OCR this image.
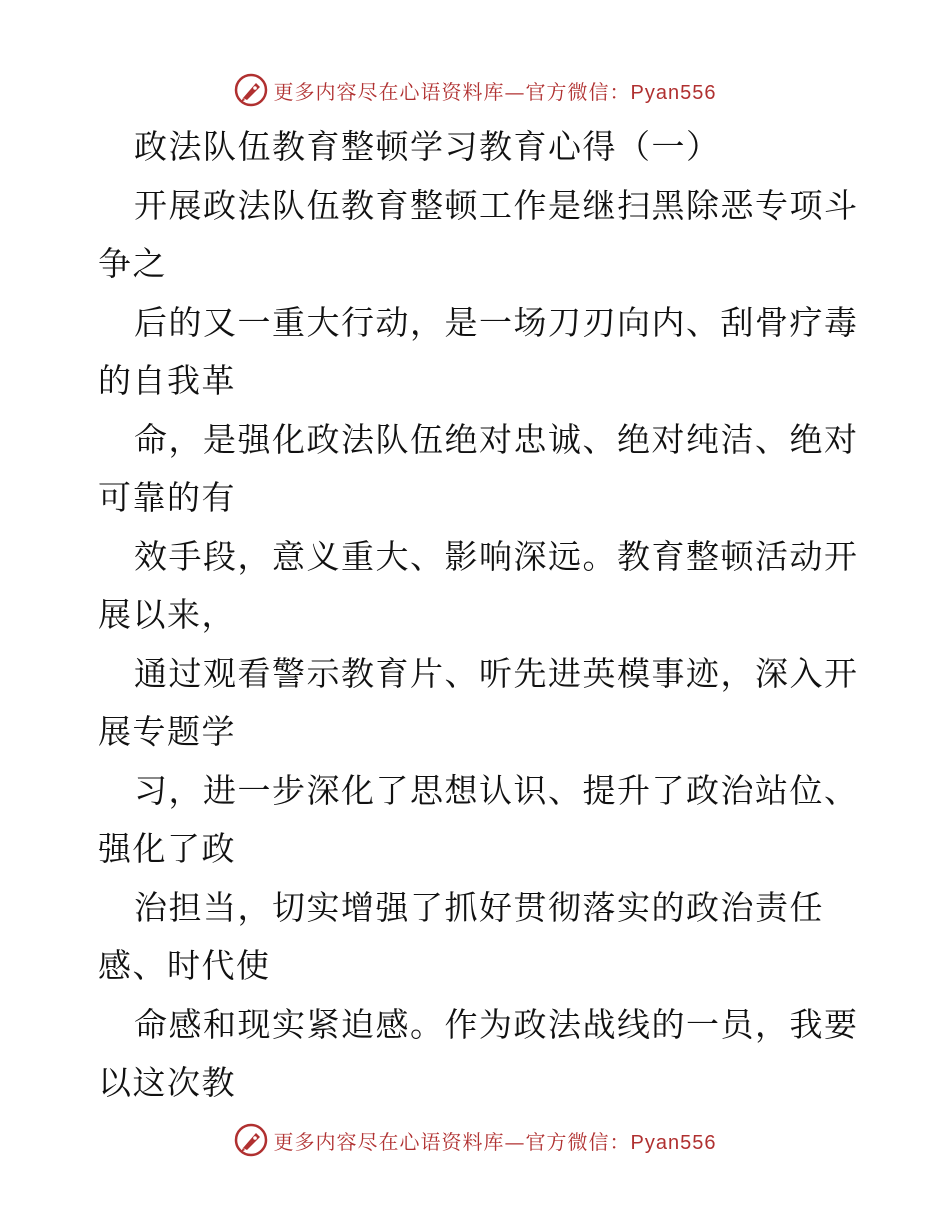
更多内容尽在心语资料库—官方微信：Pyan556
政法队伍教育整顿学习教育心得（一）
开展政法队伍教育整顿工作是继扫黑除恶专项斗
争之
后的又一重大行动，是一场刀刃向内、刮骨疗毒
的自我革
命，是强化政法队伍绝对忠诚、绝对纯洁、绝对
可靠的有
效手段，意义重大、影响深远。教育整顿活动开
展以来，
通过观看警示教育片、听先进英模事迹，深入开
展专题学
习，进一步深化了思想认识、提升了政治站位、
强化了政
治担当，切实增强了抓好贯彻落实的政治责任
感、时代使
命感和现实紧迫感。作为政法战线的一员，我要
以这次教
更多内容尽在心语资料库—官方微信：Pyan556
